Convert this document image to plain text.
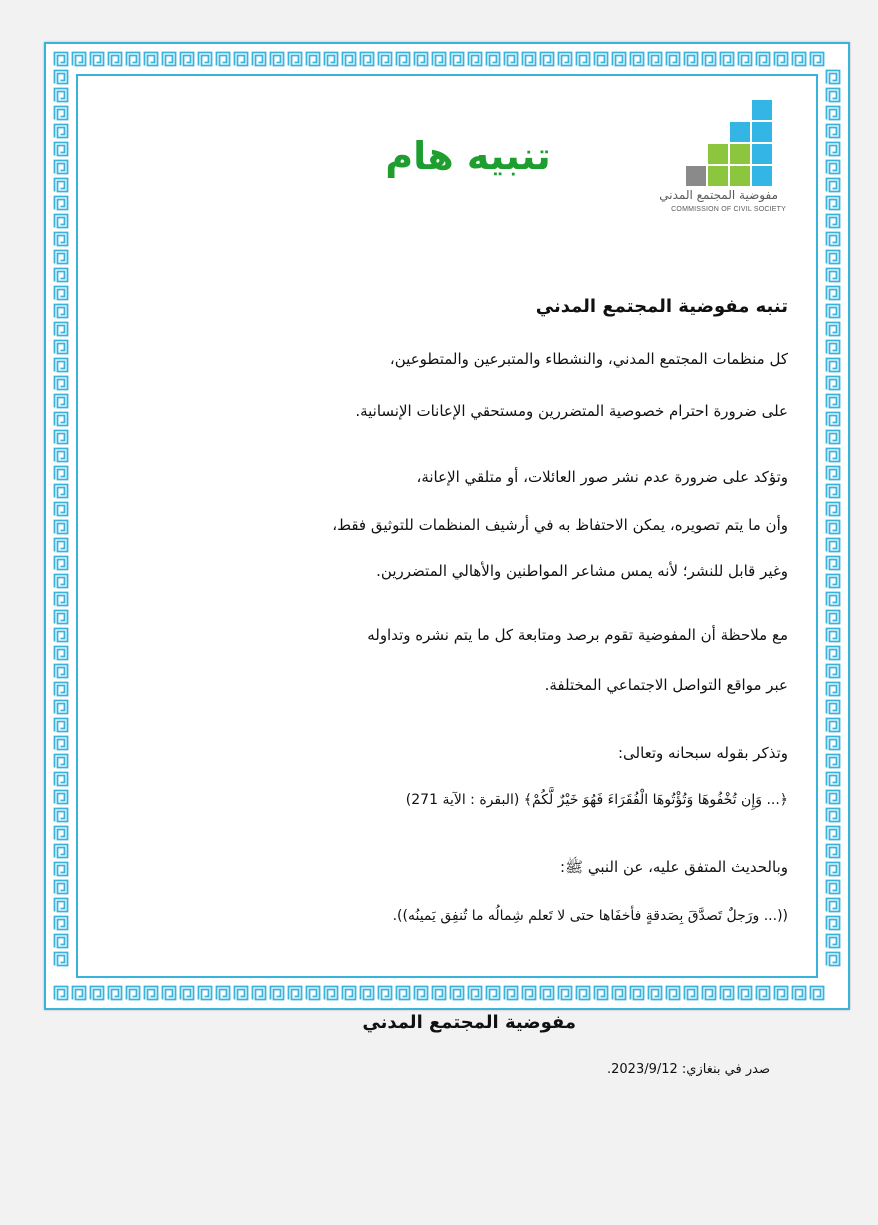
مفوضية المجتمع المدني
COMMISSION OF CIVIL SOCIETY
تنبيه هام
تنبه مفوضية المجتمع المدني
كل منظمات المجتمع المدني، والنشطاء والمتبرعين والمتطوعين،
على ضرورة احترام خصوصية المتضررين ومستحقي الإعانات الإنسانية.
وتؤكد على ضرورة عدم نشر صور العائلات، أو متلقي الإعانة،
وأن ما يتم تصويره، يمكن الاحتفاظ به في أرشيف المنظمات للتوثيق فقط،
وغير قابل للنشر؛ لأنه يمس مشاعر المواطنين والأهالي المتضررين.
مع ملاحظة أن المفوضية تقوم برصد ومتابعة كل ما يتم نشره وتداوله
عبر مواقع التواصل الاجتماعي المختلفة.
وتذكر بقوله سبحانه وتعالى:
﴿... وَإِن تُخْفُوهَا وَتُؤْتُوهَا الْفُقَرَاءَ فَهُوَ خَيْرٌ لَّكُمْ﴾ (البقرة : الآية 271)
وبالحديث المتفق عليه، عن النبي ﷺ:
((... ورَجلٌ تَصدَّقَ بِصَدقةٍ فأخفَاها حتى لا تَعلم شِمالُه ما تُنفِق يَمينُه)).
مفوضية المجتمع المدني
صدر في بنغازي: 2023/9/12.
